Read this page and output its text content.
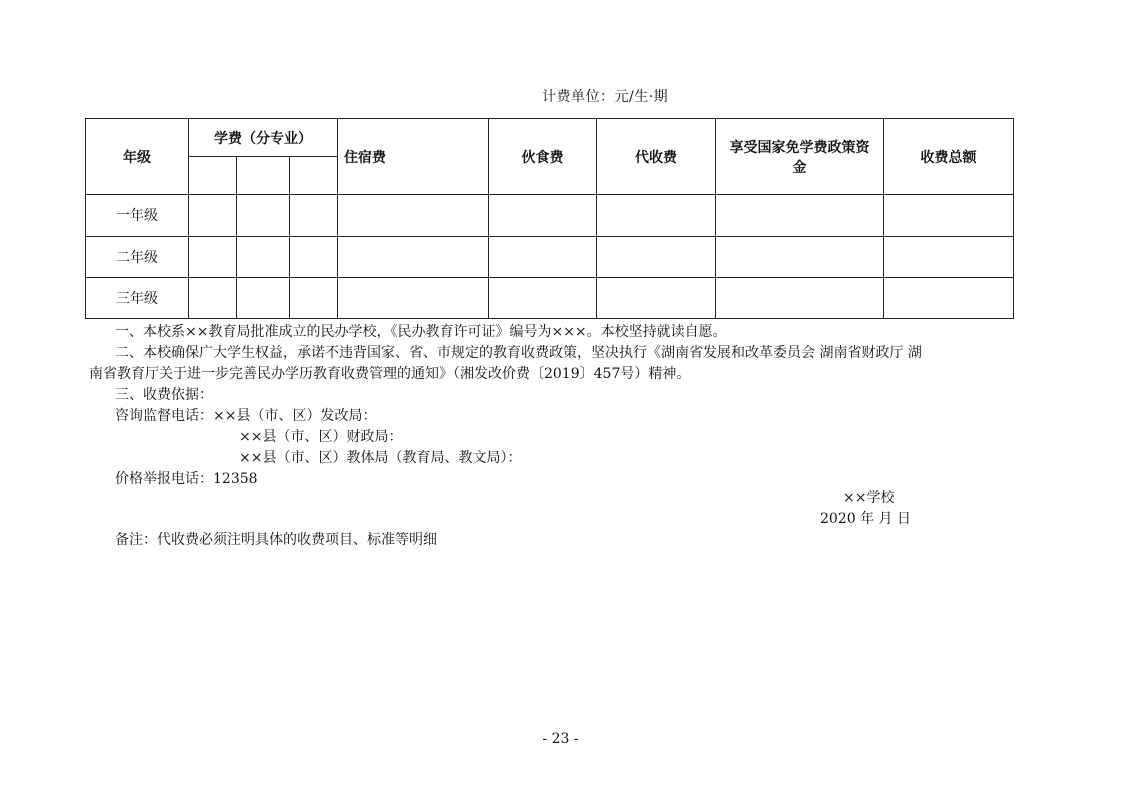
计费单位：元/生·期
年级	学费（分专业）			住宿费	伙食费	代收费	享受国家免学费政策资金	收费总额

一年级								
二年级								
三年级								

一、本校系××教育局批准成立的民办学校，《民办教育许可证》编号为×××。本校坚持就读自愿。

二、本校确保广大学生权益，承诺不违背国家、省、市规定的教育收费政策，坚决执行《湖南省发展和改革委员会 湖南省财政厅 湖

南省教育厅关于进一步完善民办学历教育收费管理的通知》（湘发改价费〔2019〕457号）精神。

三、收费依据：

咨询监督电话：××县（市、区）发改局：

××县（市、区）财政局：

××县（市、区）教体局（教育局、教文局）：

价格举报电话：12358

××学校
2020 年 月 日
备注：代收费必须注明具体的收费项目、标准等明细
- 23 -
